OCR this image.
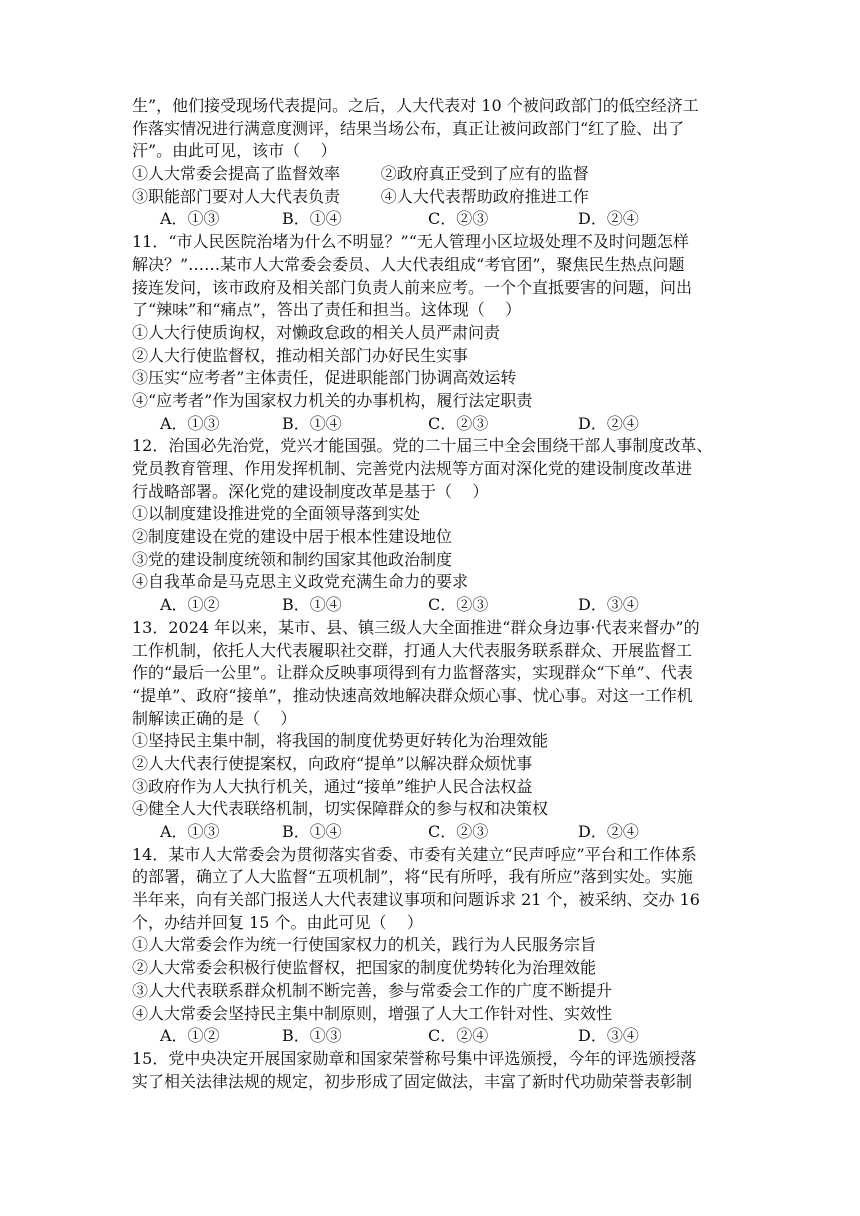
生”，他们接受现场代表提问。之后，人大代表对 10 个被问政部门的低空经济工
作落实情况进行满意度测评，结果当场公布，真正让被问政部门“红了脸、出了
汗”。由此可见，该市（    ）
①人大常委会提高了监督效率        ②政府真正受到了应有的监督
③职能部门要对人大代表负责        ④人大代表帮助政府推进工作
A．①③	B．①④	C．②③	D．②④
11．“市人民医院治堵为什么不明显？”“无人管理小区垃圾处理不及时问题怎样
解决？”……某市人大常委会委员、人大代表组成“考官团”，聚焦民生热点问题
接连发问，该市政府及相关部门负责人前来应考。一个个直抵要害的问题，问出
了“辣味”和“痛点”，答出了责任和担当。这体现（    ）
①人大行使质询权，对懒政怠政的相关人员严肃问责
②人大行使监督权，推动相关部门办好民生实事
③压实“应考者”主体责任，促进职能部门协调高效运转
④“应考者”作为国家权力机关的办事机构，履行法定职责
A．①③	B．①④	C．②③	D．②④
12．治国必先治党，党兴才能国强。党的二十届三中全会围绕干部人事制度改革、
党员教育管理、作用发挥机制、完善党内法规等方面对深化党的建设制度改革进
行战略部署。深化党的建设制度改革是基于（    ）
①以制度建设推进党的全面领导落到实处
②制度建设在党的建设中居于根本性建设地位
③党的建设制度统领和制约国家其他政治制度
④自我革命是马克思主义政党充满生命力的要求
A．①②	B．①④	C．②③	D．③④
13．2024 年以来，某市、县、镇三级人大全面推进“群众身边事·代表来督办”的
工作机制，依托人大代表履职社交群，打通人大代表服务联系群众、开展监督工
作的“最后一公里”。让群众反映事项得到有力监督落实，实现群众“下单”、代表
“提单”、政府“接单”，推动快速高效地解决群众烦心事、忧心事。对这一工作机
制解读正确的是（    ）
①坚持民主集中制，将我国的制度优势更好转化为治理效能
②人大代表行使提案权，向政府“提单”以解决群众烦忧事
③政府作为人大执行机关，通过“接单”维护人民合法权益
④健全人大代表联络机制，切实保障群众的参与权和决策权
A．①③	B．①④	C．②③	D．②④
14．某市人大常委会为贯彻落实省委、市委有关建立“民声呼应”平台和工作体系
的部署，确立了人大监督“五项机制”，将“民有所呼，我有所应”落到实处。实施
半年来，向有关部门报送人大代表建议事项和问题诉求 21 个，被采纳、交办 16
个，办结并回复 15 个。由此可见（    ）
①人大常委会作为统一行使国家权力的机关，践行为人民服务宗旨
②人大常委会积极行使监督权，把国家的制度优势转化为治理效能
③人大代表联系群众机制不断完善，参与常委会工作的广度不断提升
④人大常委会坚持民主集中制原则，增强了人大工作针对性、实效性
A．①②	B．①③	C．②④	D．③④
15．党中央决定开展国家勋章和国家荣誉称号集中评选颁授，今年的评选颁授落
实了相关法律法规的规定，初步形成了固定做法，丰富了新时代功勋荣誉表彰制
